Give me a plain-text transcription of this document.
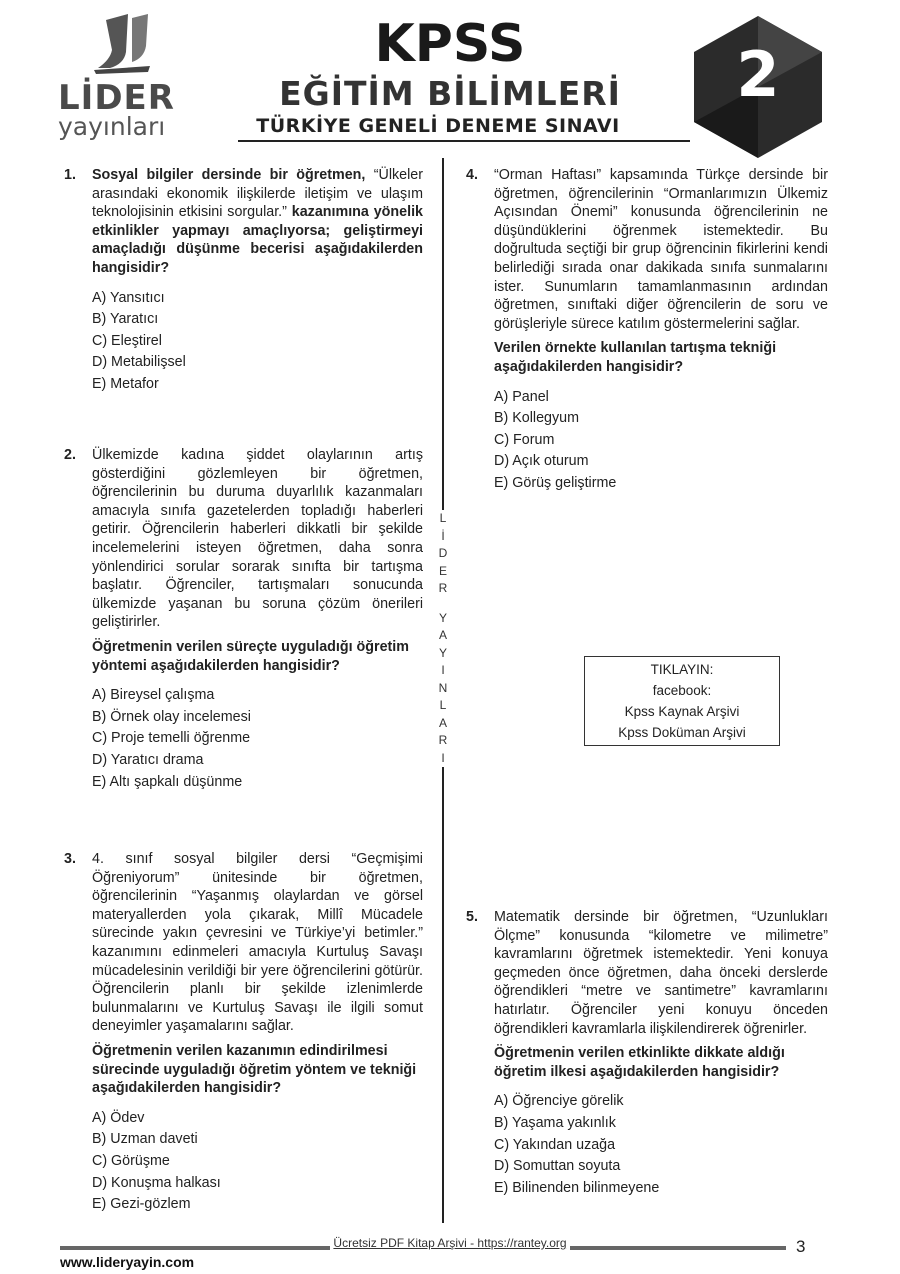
LİDER
yayınları
KPSS
EĞİTİM BİLİMLERİ
TÜRKİYE GENELİ DENEME SINAVI
2
1. Sosyal bilgiler dersinde bir öğretmen, “Ülkeler arasındaki ekonomik ilişkilerde iletişim ve ulaşım teknolojisinin etkisini sorgular.” kazanımına yönelik etkinlikler yapmayı amaçlıyorsa; geliştirmeyi amaçladığı düşünme becerisi aşağıdakilerden hangisidir?
A) Yansıtıcı
B) Yaratıcı
C) Eleştirel
D) Metabilişsel
E) Metafor
2. Ülkemizde kadına şiddet olaylarının artış gösterdiğini gözlemleyen bir öğretmen, öğrencilerinin bu duruma duyarlılık kazanmaları amacıyla sınıfa gazetelerden topladığı haberleri getirir. Öğrencilerin haberleri dikkatli bir şekilde incelemelerini isteyen öğretmen, daha sonra yönlendirici sorular sorarak sınıfta bir tartışma başlatır. Öğrenciler, tartışmaları sonucunda ülkemizde yaşanan bu soruna çözüm önerileri geliştirirler.
Öğretmenin verilen süreçte uyguladığı öğretim yöntemi aşağıdakilerden hangisidir?
A) Bireysel çalışma
B) Örnek olay incelemesi
C) Proje temelli öğrenme
D) Yaratıcı drama
E) Altı şapkalı düşünme
3. 4. sınıf sosyal bilgiler dersi “Geçmişimi Öğreniyorum” ünitesinde bir öğretmen, öğrencilerinin “Yaşanmış olaylardan ve görsel materyallerden yola çıkarak, Millî Mücadele sürecinde yakın çevresini ve Türkiye’yi betimler.” kazanımını edinmeleri amacıyla Kurtuluş Savaşı mücadelesinin verildiği bir yere öğrencilerini götürür. Öğrencilerin planlı bir şekilde izlenimlerde bulunmalarını ve Kurtuluş Savaşı ile ilgili somut deneyimler yaşamalarını sağlar.
Öğretmenin verilen kazanımın edindirilmesi sürecinde uyguladığı öğretim yöntem ve tekniği aşağıdakilerden hangisidir?
A) Ödev
B) Uzman daveti
C) Görüşme
D) Konuşma halkası
E) Gezi-gözlem
L
İ
D
E
R
Y
A
Y
I
N
L
A
R
I
4. “Orman Haftası” kapsamında Türkçe dersinde bir öğretmen, öğrencilerinin “Ormanlarımızın Ülkemiz Açısından Önemi” konusunda öğrencilerinin ne düşündüklerini öğrenmek istemektedir. Bu doğrultuda seçtiği bir grup öğrencinin fikirlerini kendi belirlediği sırada onar dakikada sınıfa sunmalarını ister. Sunumların tamamlanmasının ardından öğretmen, sınıftaki diğer öğrencilerin de soru ve görüşleriyle sürece katılım göstermelerini sağlar.
Verilen örnekte kullanılan tartışma tekniği aşağıdakilerden hangisidir?
A) Panel
B) Kollegyum
C) Forum
D) Açık oturum
E) Görüş geliştirme
TIKLAYIN:
facebook:
Kpss Kaynak Arşivi
Kpss Doküman Arşivi
5. Matematik dersinde bir öğretmen, “Uzunlukları Ölçme” konusunda “kilometre ve milimetre” kavramlarını öğretmek istemektedir. Yeni konuya geçmeden önce öğretmen, daha önceki derslerde öğrendikleri “metre ve santimetre” kavramlarını hatırlatır. Öğrenciler yeni konuyu önceden öğrendikleri kavramlarla ilişkilendirerek öğrenirler.
Öğretmenin verilen etkinlikte dikkate aldığı öğretim ilkesi aşağıdakilerden hangisidir?
A) Öğrenciye görelik
B) Yaşama yakınlık
C) Yakından uzağa
D) Somuttan soyuta
E) Bilinenden bilinmeyene
Ücretsiz PDF Kitap Arşivi - https://rantey.org	3
www.lideryayin.com
